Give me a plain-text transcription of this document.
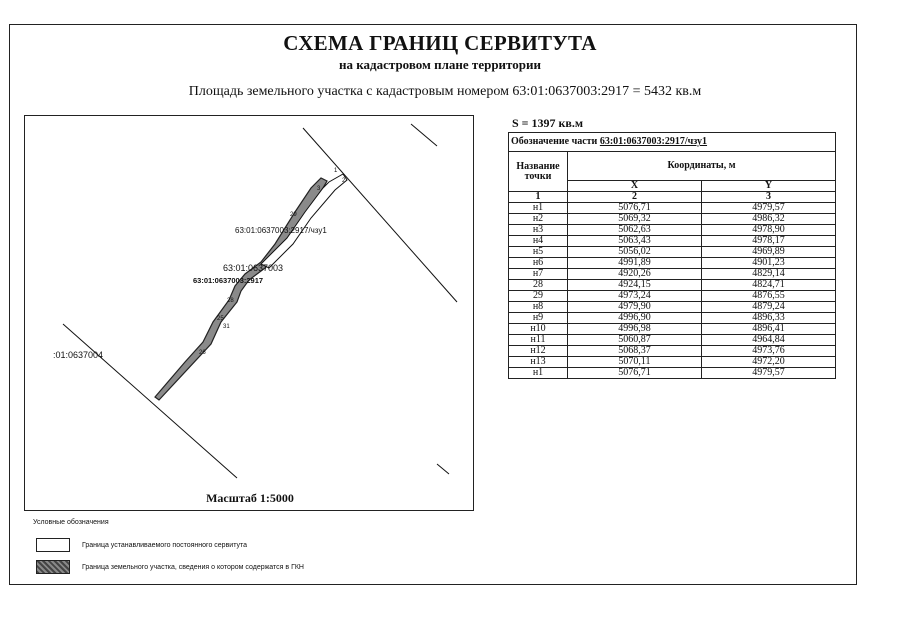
СХЕМА ГРАНИЦ СЕРВИТУТА
на кадастровом плане территории
Площадь земельного участка с кадастровым номером 63:01:0637003:2917 = 5432 кв.м
63:01:0637003:2917/чзу1
63:01:0637003
63:01:0637003:2917
:01:0637004
1
2
3
29
28
31
25
26
Масштаб 1:5000
S = 1397 кв.м
Обозначение части 63:01:0637003:2917/чзу1		
Название точки	Координаты, м	
	X	Y
1	2	3
н1	5076,71	4979,57
н2	5069,32	4986,32
н3	5062,63	4978,90
н4	5063,43	4978,17
н5	5056,02	4969,89
н6	4991,89	4901,23
н7	4920,26	4829,14
28	4924,15	4824,71
29	4973,24	4876,55
н8	4979,90	4879,24
н9	4996,90	4896,33
н10	4996,98	4896,41
н11	5060,87	4964,84
н12	5068,37	4973,76
н13	5070,11	4972,20
н1	5076,71	4979,57
Условные обозначения
Граница устанавливаемого постоянного сервитута
Граница земельного участка, сведения о котором содержатся в ГКН
